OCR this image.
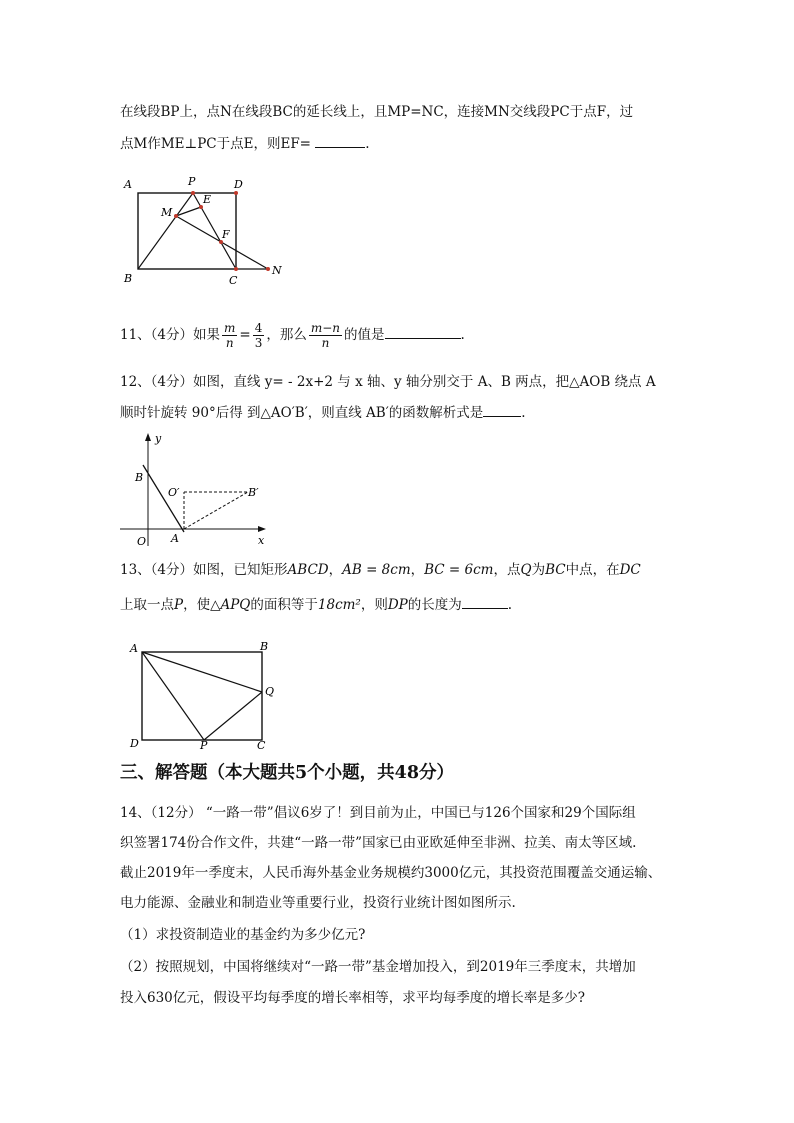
在线段BP上，点N在线段BC的延长线上，且MP=NC，连接MN交线段PC于点F，过
点M作ME⊥PC于点E，则EF=	.
A	P	D
E
M
F
B	C
N
11、（4分）如果 $\frac{m}{n} = \frac{4}{3}$ ，那么 $\frac{m-n}{n}$ 的值是	.
12、（4分）如图，直线 y= - 2x+2 与 x 轴、y 轴分别交于 A、B 两点，把△AOB 绕点 A
顺时针旋转 90°后得 到△AO′B′，则直线 AB′的函数解析式是	.
y
B
O′	B′
O A	x
13、（4分）如图，已知矩形ABCD，AB = 8cm，BC = 6cm，点Q为BC中点，在DC
上取一点P，使△APQ的面积等于18cm²，则DP的长度为	.
A	B
Q
D	P	C
三、解答题（本大题共5个小题，共48分）
14、（12分） “一路一带”倡议6岁了！到目前为止，中国已与126个国家和29个国际组
织签署174份合作文件，共建“一路一带”国家已由亚欧延伸至非洲、拉美、南太等区域.
截止2019年一季度末，人民币海外基金业务规模约3000亿元，其投资范围覆盖交通运输、
电力能源、金融业和制造业等重要行业，投资行业统计图如图所示.
（1）求投资制造业的基金约为多少亿元?
（2）按照规划，中国将继续对“一路一带”基金增加投入，到2019年三季度末，共增加
投入630亿元，假设平均每季度的增长率相等，求平均每季度的增长率是多少?
